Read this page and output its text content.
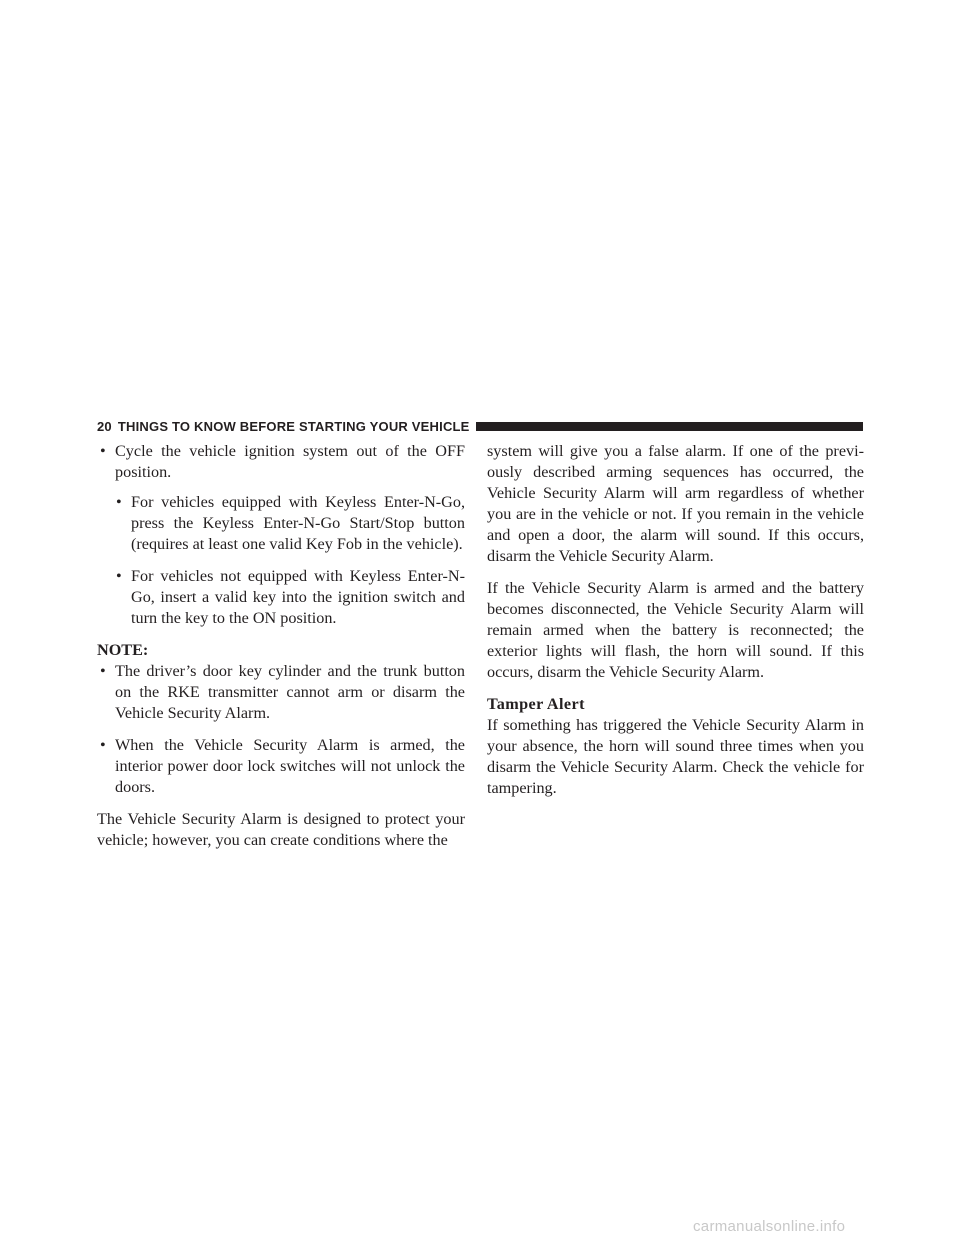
20 THINGS TO KNOW BEFORE STARTING YOUR VEHICLE
• Cycle the vehicle ignition system out of the OFF position.
• For vehicles equipped with Keyless Enter-N-Go, press the Keyless Enter-N-Go Start/Stop button (requires at least one valid Key Fob in the vehicle).
• For vehicles not equipped with Keyless Enter-N-Go, insert a valid key into the ignition switch and turn the key to the ON position.

NOTE:

• The driver’s door key cylinder and the trunk button on the RKE transmitter cannot arm or disarm the Vehicle Security Alarm.
• When the Vehicle Security Alarm is armed, the interior power door lock switches will not unlock the doors.

The Vehicle Security Alarm is designed to protect your vehicle; however, you can create conditions where the

system will give you a false alarm. If one of the previ-ously described arming sequences has occurred, the Vehicle Security Alarm will arm regardless of whether you are in the vehicle or not. If you remain in the vehicle and open a door, the alarm will sound. If this occurs, disarm the Vehicle Security Alarm.

If the Vehicle Security Alarm is armed and the battery becomes disconnected, the Vehicle Security Alarm will remain armed when the battery is reconnected; the exterior lights will flash, the horn will sound. If this occurs, disarm the Vehicle Security Alarm.

Tamper Alert

If something has triggered the Vehicle Security Alarm in your absence, the horn will sound three times when you disarm the Vehicle Security Alarm. Check the vehicle for tampering.

carmanualsonline.info
